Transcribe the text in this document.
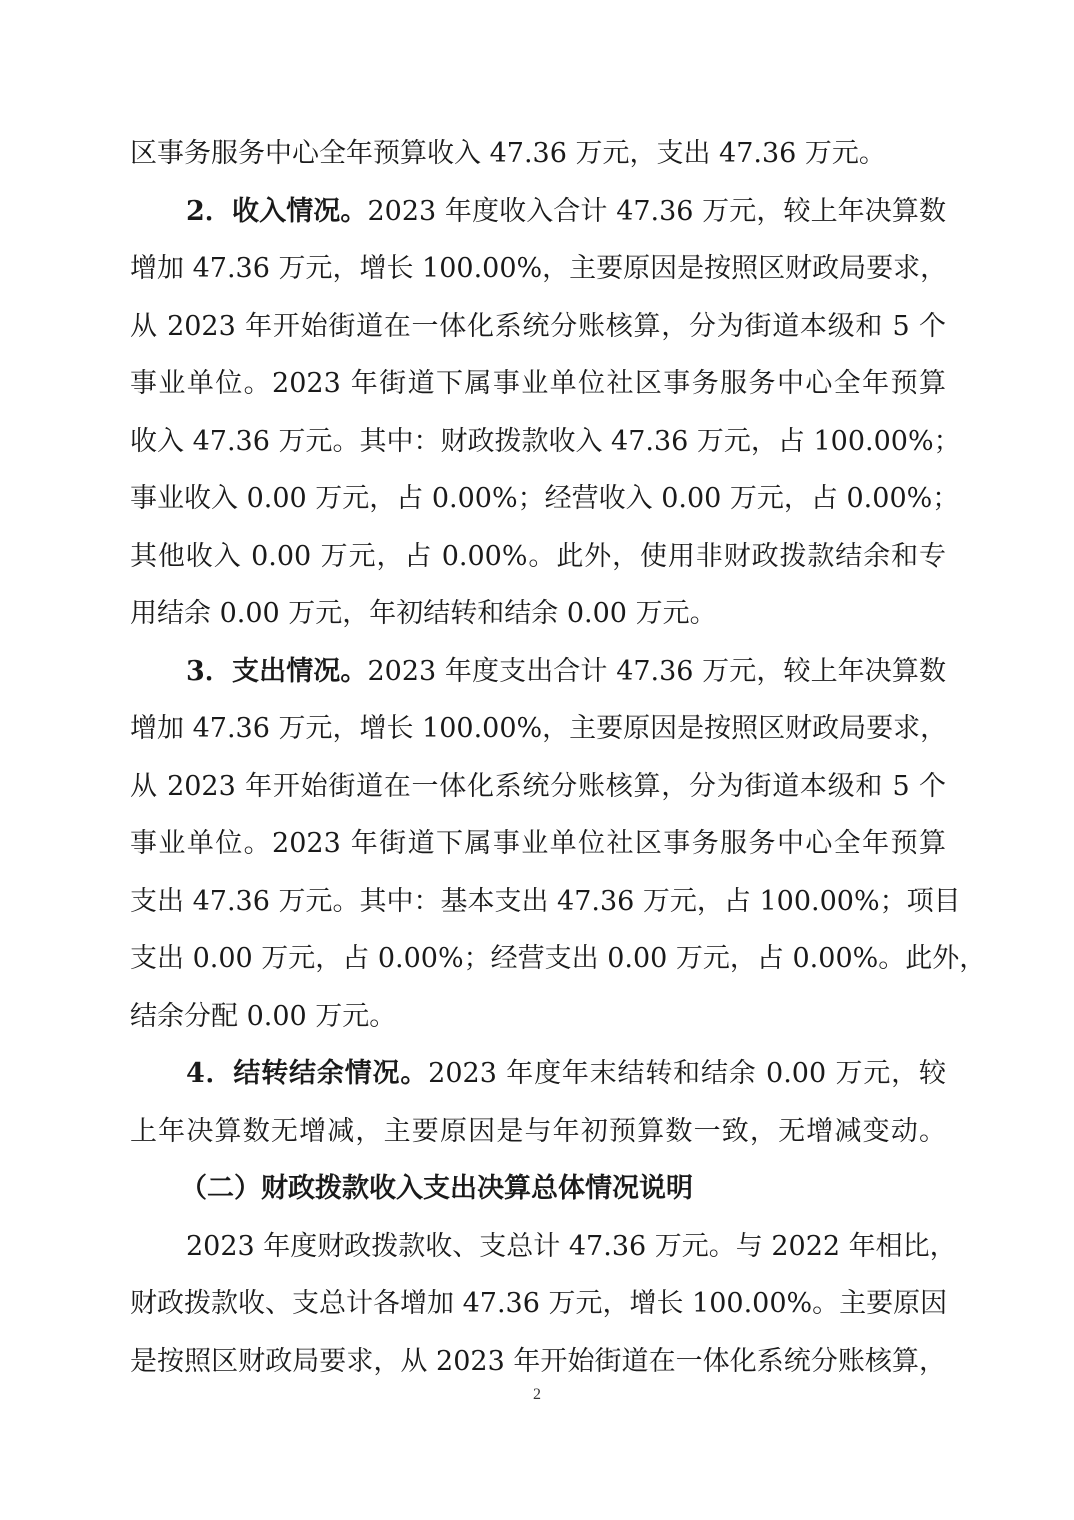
区事务服务中心全年预算收入 47.36 万元，支出 47.36 万元。
2．收入情况。2023 年度收入合计 47.36 万元，较上年决算数
增加 47.36 万元，增长 100.00%，主要原因是按照区财政局要求，
从 2023 年开始街道在一体化系统分账核算，分为街道本级和 5 个
事业单位。2023 年街道下属事业单位社区事务服务中心全年预算
收入 47.36 万元。其中：财政拨款收入 47.36 万元，占 100.00%；
事业收入 0.00 万元，占 0.00%；经营收入 0.00 万元，占 0.00%；
其他收入 0.00 万元，占 0.00%。此外，使用非财政拨款结余和专
用结余 0.00 万元，年初结转和结余 0.00 万元。
3．支出情况。2023 年度支出合计 47.36 万元，较上年决算数
增加 47.36 万元，增长 100.00%，主要原因是按照区财政局要求，
从 2023 年开始街道在一体化系统分账核算，分为街道本级和 5 个
事业单位。2023 年街道下属事业单位社区事务服务中心全年预算
支出 47.36 万元。其中：基本支出 47.36 万元，占 100.00%；项目
支出 0.00 万元，占 0.00%；经营支出 0.00 万元，占 0.00%。此外，
结余分配 0.00 万元。
4．结转结余情况。2023 年度年末结转和结余 0.00 万元，较
上年决算数无增减，主要原因是与年初预算数一致，无增减变动。
（二）财政拨款收入支出决算总体情况说明
2023 年度财政拨款收、支总计 47.36 万元。与 2022 年相比，
财政拨款收、支总计各增加 47.36 万元，增长 100.00%。主要原因
是按照区财政局要求，从 2023 年开始街道在一体化系统分账核算，
2
